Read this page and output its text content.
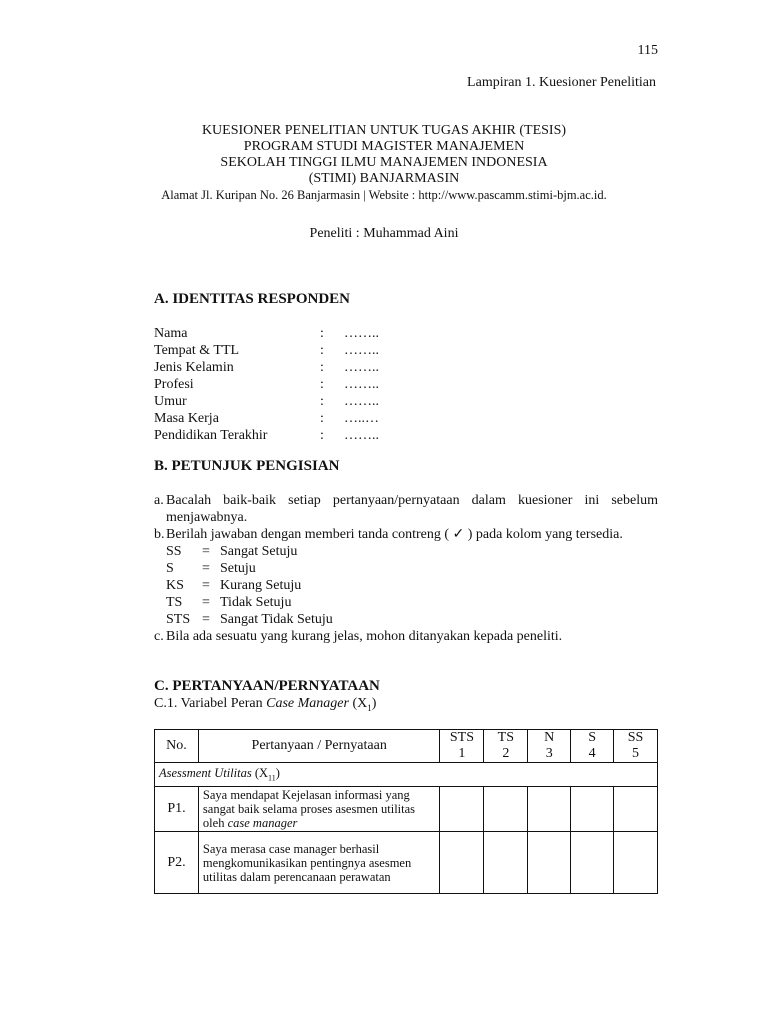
115
Lampiran 1. Kuesioner Penelitian
KUESIONER PENELITIAN UNTUK TUGAS AKHIR (TESIS)
PROGRAM STUDI MAGISTER MANAJEMEN
SEKOLAH TINGGI ILMU MANAJEMEN INDONESIA
(STIMI) BANJARMASIN
Alamat Jl. Kuripan No. 26 Banjarmasin | Website : http://www.pascamm.stimi-bjm.ac.id.
Peneliti : Muhammad Aini
A. IDENTITAS RESPONDEN
Nama	:	……..
Tempat & TTL	:	……..
Jenis Kelamin	:	……..
Profesi	:	……..
Umur	:	……..
Masa Kerja	:	…..…
Pendidikan Terakhir	:	……..
B. PETUNJUK PENGISIAN
a. Bacalah baik-baik setiap pertanyaan/pernyataan dalam kuesioner ini sebelum menjawabnya.
b. Berilah jawaban dengan memberi tanda contreng ( ✓ ) pada kolom yang tersedia.
SS	= Sangat Setuju
S	= Setuju
KS	= Kurang Setuju
TS	= Tidak Setuju
STS = Sangat Tidak Setuju
c. Bila ada sesuatu yang kurang jelas, mohon ditanyakan kepada peneliti.
C. PERTANYAAN/PERNYATAAN
C.1. Variabel Peran Case Manager $(X_1)$
No.	Pertanyaan / Pernyataan	STS	TS	N	S	SS
		1	2	3	4	5
Asessment Utilitas $(X_{11})$						
P1.	Saya mendapat Kejelasan informasi yang sangat baik selama proses asesmen utilitas oleh case manager					
P2.	Saya merasa case manager berhasil mengkomunikasikan pentingnya asesmen utilitas dalam perencanaan perawatan					
